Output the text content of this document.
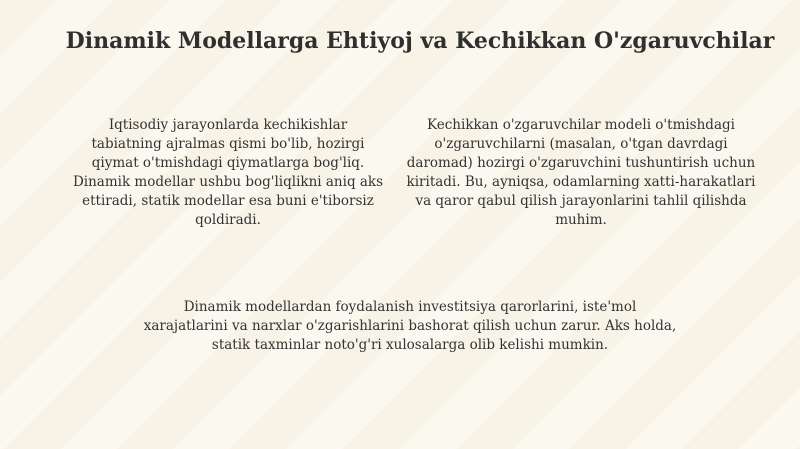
Dinamik Modellarga Ehtiyoj va Kechikkan O'zgaruvchilar
Iqtisodiy jarayonlarda kechikishlar tabiatning ajralmas qismi bo'lib, hozirgi qiymat o'tmishdagi qiymatlarga bog'liq. Dinamik modellar ushbu bog'liqlikni aniq aks ettiradi, statik modellar esa buni e'tiborsiz qoldiradi.
Kechikkan o'zgaruvchilar modeli o'tmishdagi o'zgaruvchilarni (masalan, o'tgan davrdagi daromad) hozirgi o'zgaruvchini tushuntirish uchun kiritadi. Bu, ayniqsa, odamlarning xatti-harakatlari va qaror qabul qilish jarayonlarini tahlil qilishda muhim.
Dinamik modellardan foydalanish investitsiya qarorlarini, iste'mol xarajatlarini va narxlar o'zgarishlarini bashorat qilish uchun zarur. Aks holda, statik taxminlar noto'g'ri xulosalarga olib kelishi mumkin.
